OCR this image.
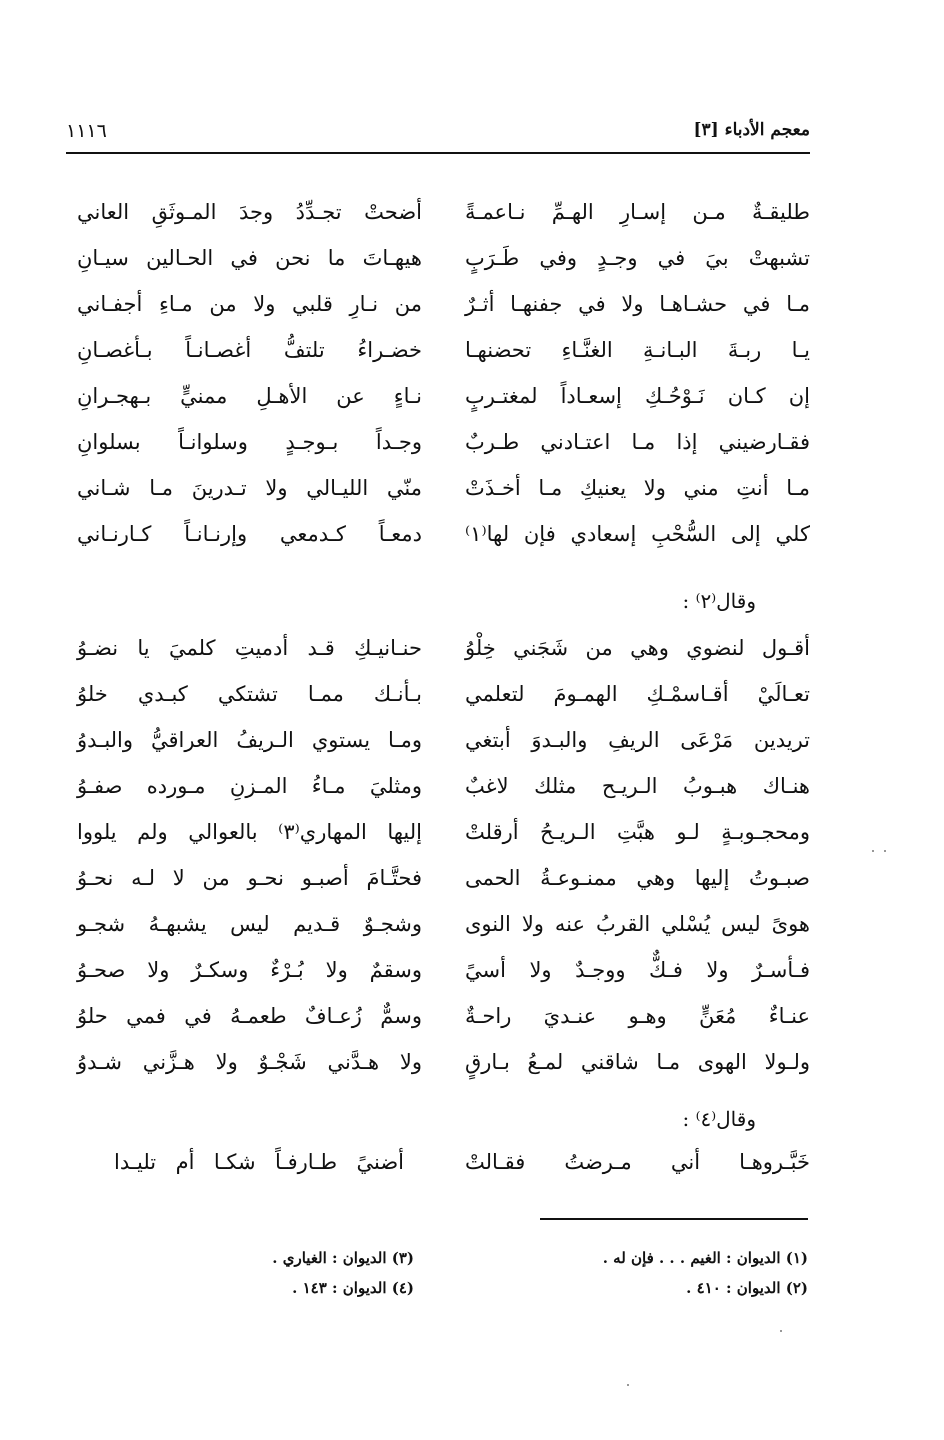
١١١٦	معجم الأدباء [٣]
طليقـةٌ مـن إسـارِ الهـمِّ نـاعمـةً
أضحتْ تجـدِّدُ وجدَ المـوثَقِ العاني
تشبهتْ بيَ في وجـدٍ وفي طَـرَبٍ
هيهـاتَ ما نحن في الحـالين سيـانِ
مـا في حشـاهـا ولا في جفنهـا أثـرٌ
من نـارِ قلبي ولا من مـاءِ أجفـاني
يـا ربـةَ البـانـةِ الغنَّـاءِ تحضنهـا
خضـراءُ تلتفُّ أغصـانـاً بـأغصـانِ
إن كـان نَـوْحُـكِ إسعـاداً لمغتـربٍ
نـاءٍ عن الأهـلِ ممنيٍّ بـهجـرانِ
فقـارضيني إذا مـا اعتـادني طـربٌ
وجـداً بـوجـدٍ وسلوانـاً بسلوانِ
مـا أنتِ مني ولا يعنيكِ مـا أخـذَتْ
منّي الليـالي ولا تـدرينَ مـا شـاني
كلي إلى السُّحْبِ إسعادي فإن لها⁽١⁾
دمعـاً كـدمعي وإرنـانـاً كـارنـاني
وقال⁽٢⁾ :
أقـول لنضوي وهي من شَجَني خِلْوُ
حنـانيـكِ قـد أدميتِ كلميَ يا نضـوُ
تعـالَيْ أقـاسمْـكِ الهمـومَ لتعلمي
بـأنـك ممـا تشتكي كبـدي خلوُ
تريدين مَرْعَى الريفِ والبـدوَ أبتغي
ومـا يستوي الـريفُ العراقيُّ والبـدوُ
هنـاك هبـوبُ الـريـح مثلك لاغبٌ
ومثليَ مـاءُ المـزنِ مـورده صفـوُ
ومحجـوبـةٍ لـو هبَّتِ الـريـحُ أرقلتْ
إليها المهاري⁽٣⁾ بالعوالي ولم يلووا
صبـوتُ إليها وهي ممنـوعـةُ الحمى
فحتَّـامَ أصبـو نحـو من لا لـه نحـوُ
هوىً ليس يُسْلي القربُ عنه ولا النوى
وشجـوٌ قـديم ليس يشبهـهُ شجـو
فـأسـرٌ ولا فـكٌّ ووجـدٌ ولا أسيً
وسقمٌ ولا بُـرْءٌ وسكـرٌ ولا صحـوُ
عنـاءٌ مُعَنٍّ وهـو عنـديَ راحـةٌ
وسمٌّ زُعـافٌ طعمـهُ في فمي حلوُ
ولـولا الهوى مـا شاقني لمـعُ بـارقٍ
ولا هـدَّني شَجْـوٌ ولا هـزَّني شـدوُ
وقال⁽٤⁾ :
خَبَّـروهـا أني مـرضتُ فقـالتْ
أضنيً طـارفـاً شكـا أم تليـدا
(١) الديوان : الغيم . . . فإن له .
(٢) الديوان : ٤١٠ .
(٣) الديوان : الغياري .
(٤) الديوان : ١٤٣ .
